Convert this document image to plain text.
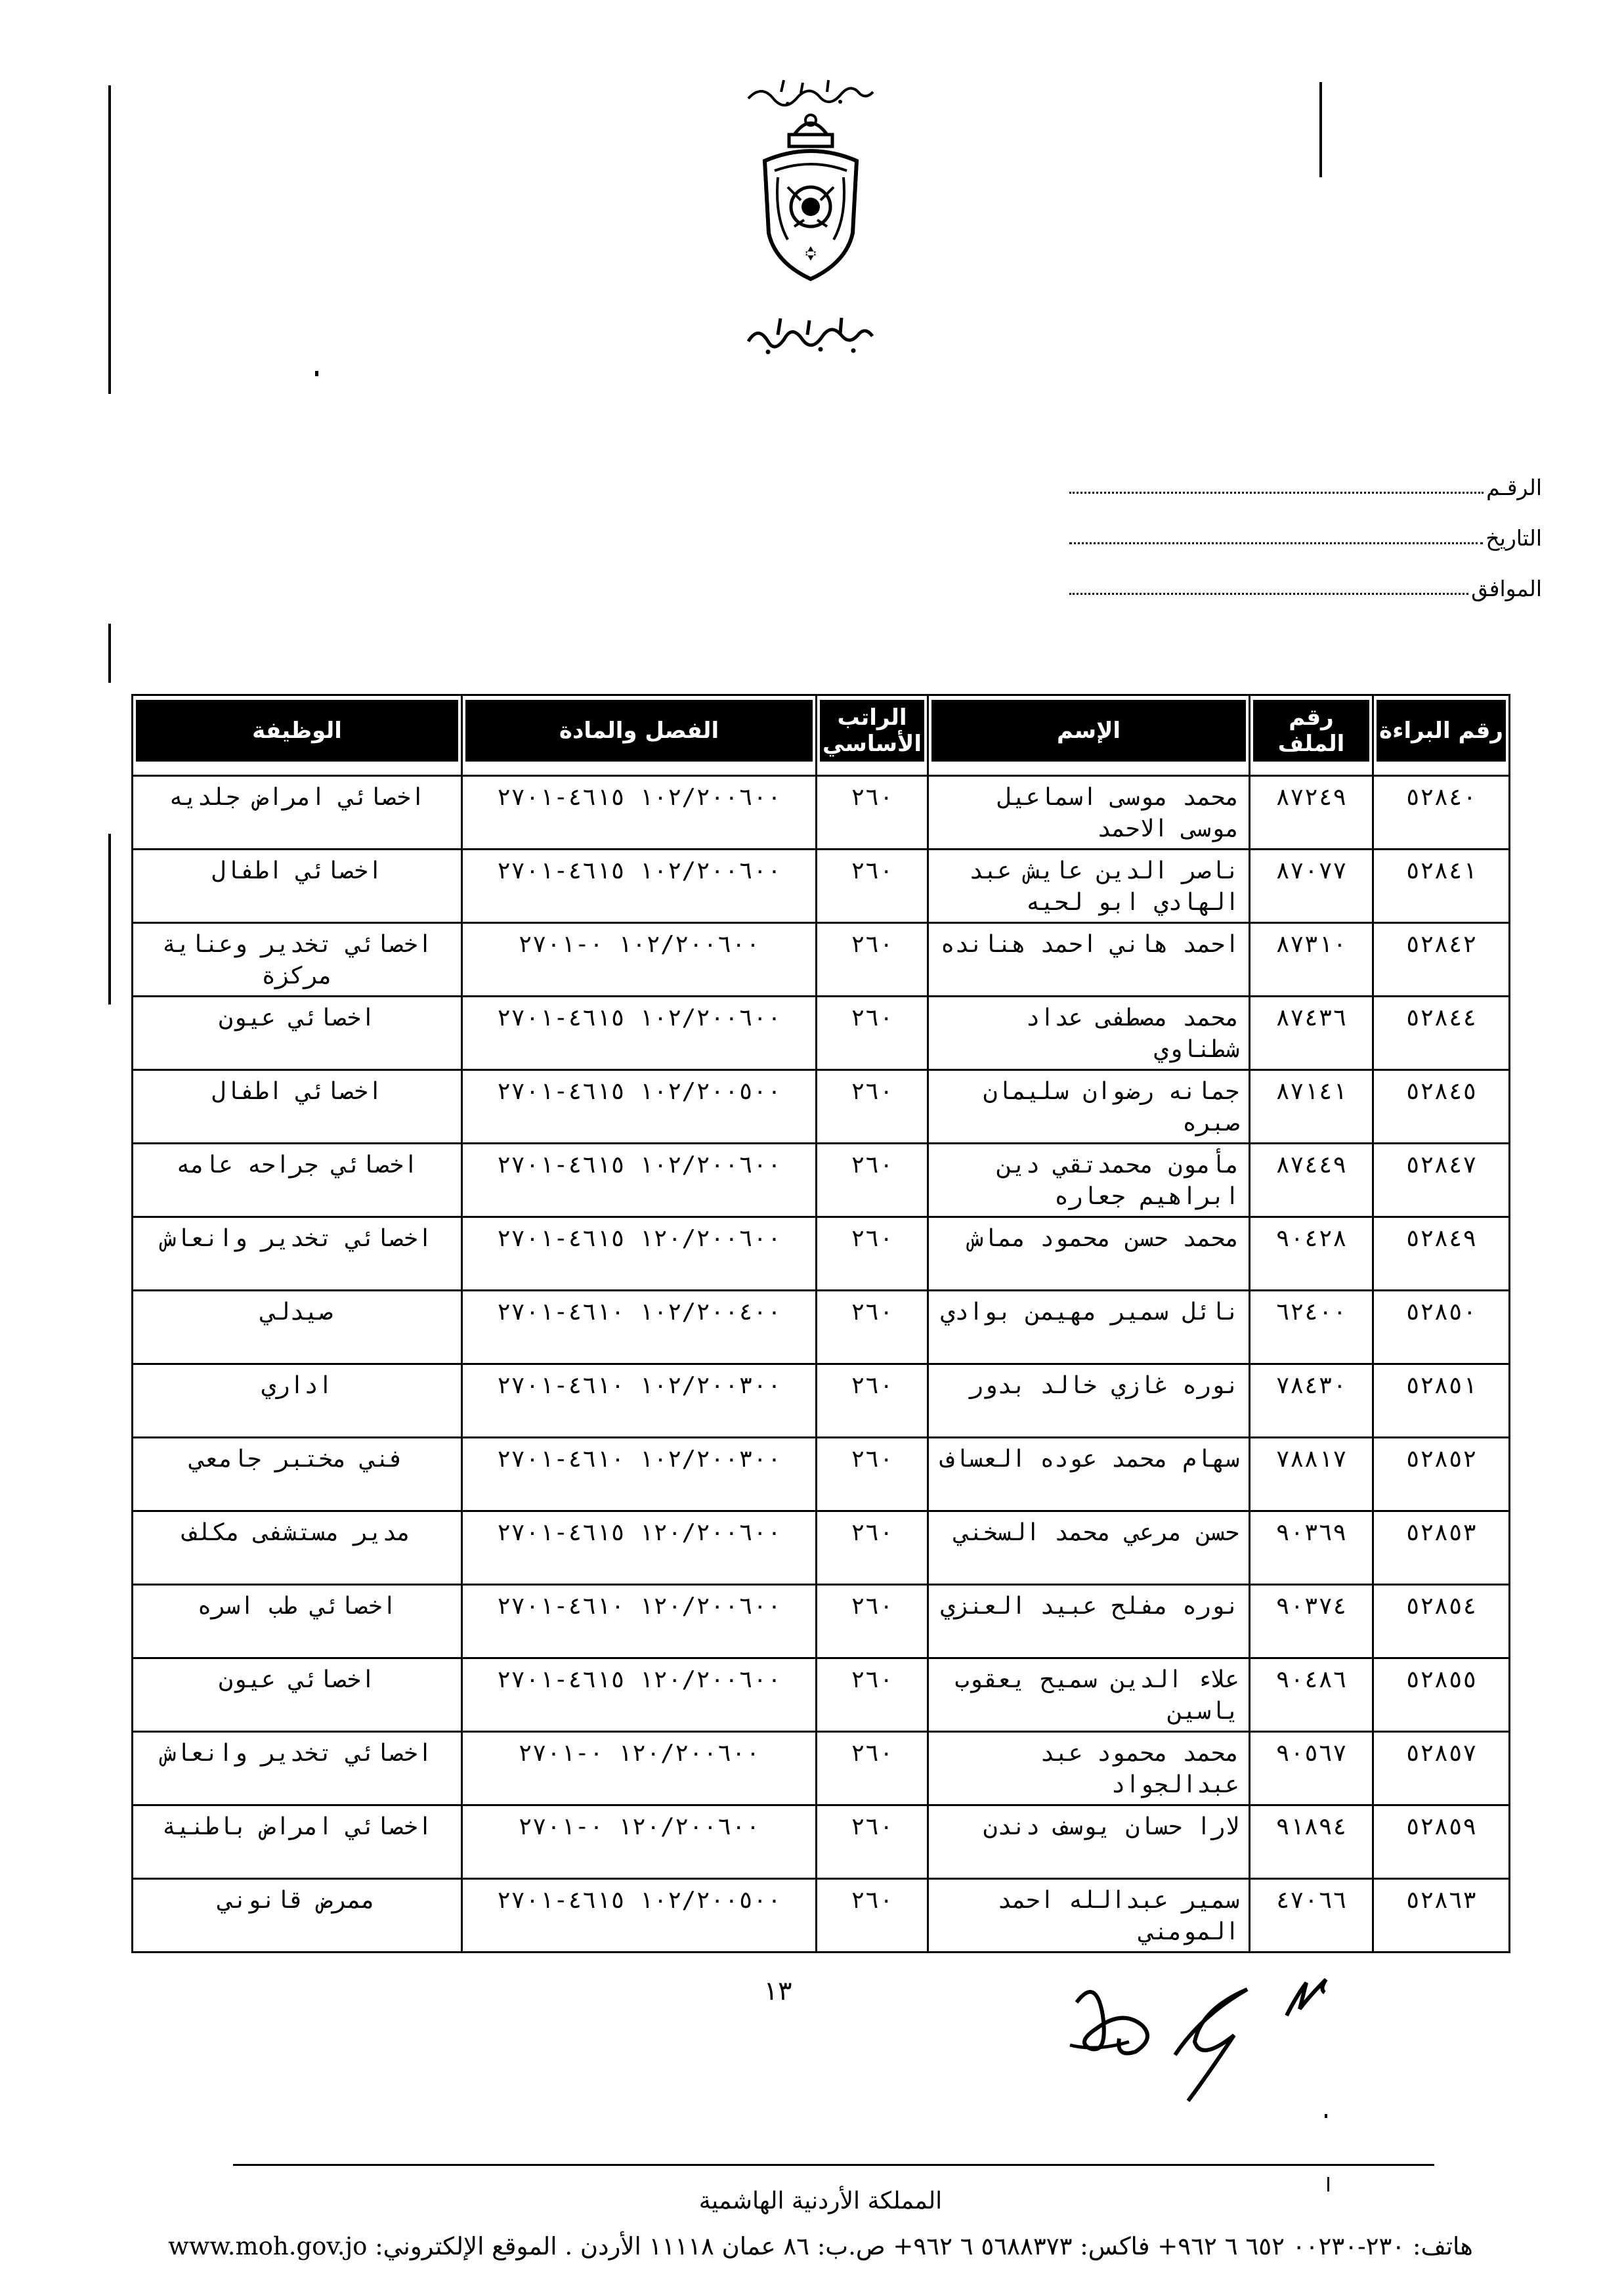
الرقـم
التاريخ
الموافق
رقم البراءة	رقم الملف	الإسم	الراتب الأساسي	الفصل والمادة	الوظيفة

٥٢٨٤٠	٨٧٢٤٩	محمد موسى اسماعيل موسى الاحمد	٢٦٠	١٠٢/٢٠٠٦٠٠ ٤٦١٥-٢٧٠١	اخصائي امراض جلديه
٥٢٨٤١	٨٧٠٧٧	ناصر الدين عايش عبد الهادي ابو لحيه	٢٦٠	١٠٢/٢٠٠٦٠٠ ٤٦١٥-٢٧٠١	اخصائي اطفال
٥٢٨٤٢	٨٧٣١٠	احمد هاني احمد هنانده	٢٦٠	١٠٢/٢٠٠٦٠٠ ٠-٢٧٠١	اخصائي تخدير وعناية مركزة
٥٢٨٤٤	٨٧٤٣٦	محمد مصطفى عداد شطناوي	٢٦٠	١٠٢/٢٠٠٦٠٠ ٤٦١٥-٢٧٠١	اخصائي عيون
٥٢٨٤٥	٨٧١٤١	جمانه رضوان سليمان صبره	٢٦٠	١٠٢/٢٠٠٥٠٠ ٤٦١٥-٢٧٠١	اخصائي اطفال
٥٢٨٤٧	٨٧٤٤٩	مأمون محمدتقي دين ابراهيم جعاره	٢٦٠	١٠٢/٢٠٠٦٠٠ ٤٦١٥-٢٧٠١	اخصائي جراحه عامه
٥٢٨٤٩	٩٠٤٢٨	محمد حسن محمود مماش	٢٦٠	١٢٠/٢٠٠٦٠٠ ٤٦١٥-٢٧٠١	اخصائي تخدير وانعاش
٥٢٨٥٠	٦٢٤٠٠	نائل سمير مهيمن بوادي	٢٦٠	١٠٢/٢٠٠٤٠٠ ٤٦١٠-٢٧٠١	صيدلي
٥٢٨٥١	٧٨٤٣٠	نوره غازي خالد بدور	٢٦٠	١٠٢/٢٠٠٣٠٠ ٤٦١٠-٢٧٠١	اداري
٥٢٨٥٢	٧٨٨١٧	سهام محمد عوده العساف	٢٦٠	١٠٢/٢٠٠٣٠٠ ٤٦١٠-٢٧٠١	فني مختبر جامعي
٥٢٨٥٣	٩٠٣٦٩	حسن مرعي محمد السخني	٢٦٠	١٢٠/٢٠٠٦٠٠ ٤٦١٥-٢٧٠١	مدير مستشفى مكلف
٥٢٨٥٤	٩٠٣٧٤	نوره مفلح عبيد العنزي	٢٦٠	١٢٠/٢٠٠٦٠٠ ٤٦١٠-٢٧٠١	اخصائي طب اسره
٥٢٨٥٥	٩٠٤٨٦	علاء الدين سميح يعقوب ياسين	٢٦٠	١٢٠/٢٠٠٦٠٠ ٤٦١٥-٢٧٠١	اخصائي عيون
٥٢٨٥٧	٩٠٥٦٧	محمد محمود عبد عبدالجواد	٢٦٠	١٢٠/٢٠٠٦٠٠ ٠-٢٧٠١	اخصائي تخدير وانعاش
٥٢٨٥٩	٩١٨٩٤	لارا حسان يوسف دندن	٢٦٠	١٢٠/٢٠٠٦٠٠ ٠-٢٧٠١	اخصائي امراض باطنية
٥٢٨٦٣	٤٧٠٦٦	سمير عبدالله احمد المومني	٢٦٠	١٠٢/٢٠٠٥٠٠ ٤٦١٥-٢٧٠١	ممرض قانوني
١٣
المملكة الأردنية الهاشمية
هاتف: ٢٣٠-٠٠٢٣٠ ٦٥٢ ٦ ٩٦٢+ فاكس: ٥٦٨٨٣٧٣ ٦ ٩٦٢+ ص.ب: ٨٦ عمان ١١١١٨ الأردن . الموقع الإلكتروني: www.moh.gov.jo
